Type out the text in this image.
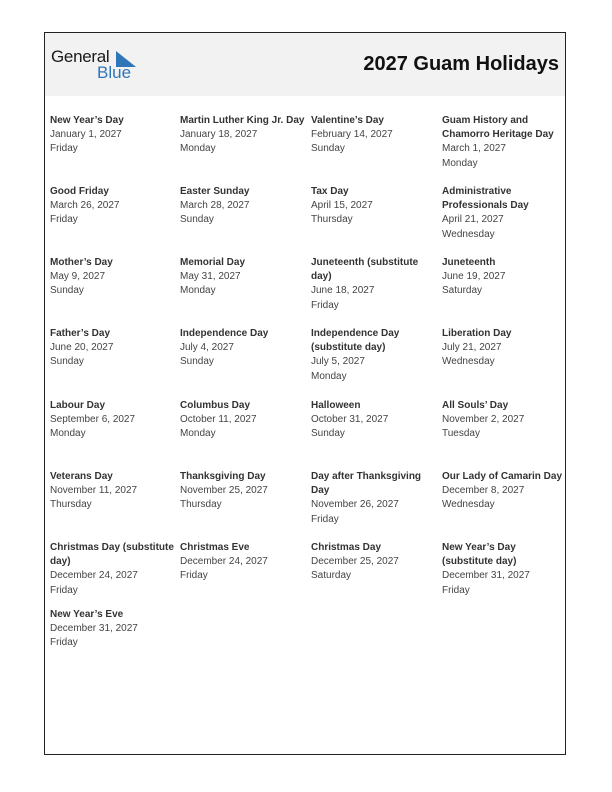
General
Blue	2027 Guam Holidays
New Year’s Day
January 1, 2027
Friday
Martin Luther King Jr. Day
January 18, 2027
Monday
Valentine’s Day
February 14, 2027
Sunday
Guam History and Chamorro Heritage Day
March 1, 2027
Monday
Good Friday
March 26, 2027
Friday
Easter Sunday
March 28, 2027
Sunday
Tax Day
April 15, 2027
Thursday
Administrative Professionals Day
April 21, 2027
Wednesday
Mother’s Day
May 9, 2027
Sunday
Memorial Day
May 31, 2027
Monday
Juneteenth (substitute day)
June 18, 2027
Friday
Juneteenth
June 19, 2027
Saturday
Father’s Day
June 20, 2027
Sunday
Independence Day
July 4, 2027
Sunday
Independence Day (substitute day)
July 5, 2027
Monday
Liberation Day
July 21, 2027
Wednesday
Labour Day
September 6, 2027
Monday
Columbus Day
October 11, 2027
Monday
Halloween
October 31, 2027
Sunday
All Souls’ Day
November 2, 2027
Tuesday
Veterans Day
November 11, 2027
Thursday
Thanksgiving Day
November 25, 2027
Thursday
Day after Thanksgiving Day
November 26, 2027
Friday
Our Lady of Camarin Day
December 8, 2027
Wednesday
Christmas Day (substitute day)
December 24, 2027
Friday
Christmas Eve
December 24, 2027
Friday
Christmas Day
December 25, 2027
Saturday
New Year’s Day (substitute day)
December 31, 2027
Friday
New Year’s Eve
December 31, 2027
Friday
